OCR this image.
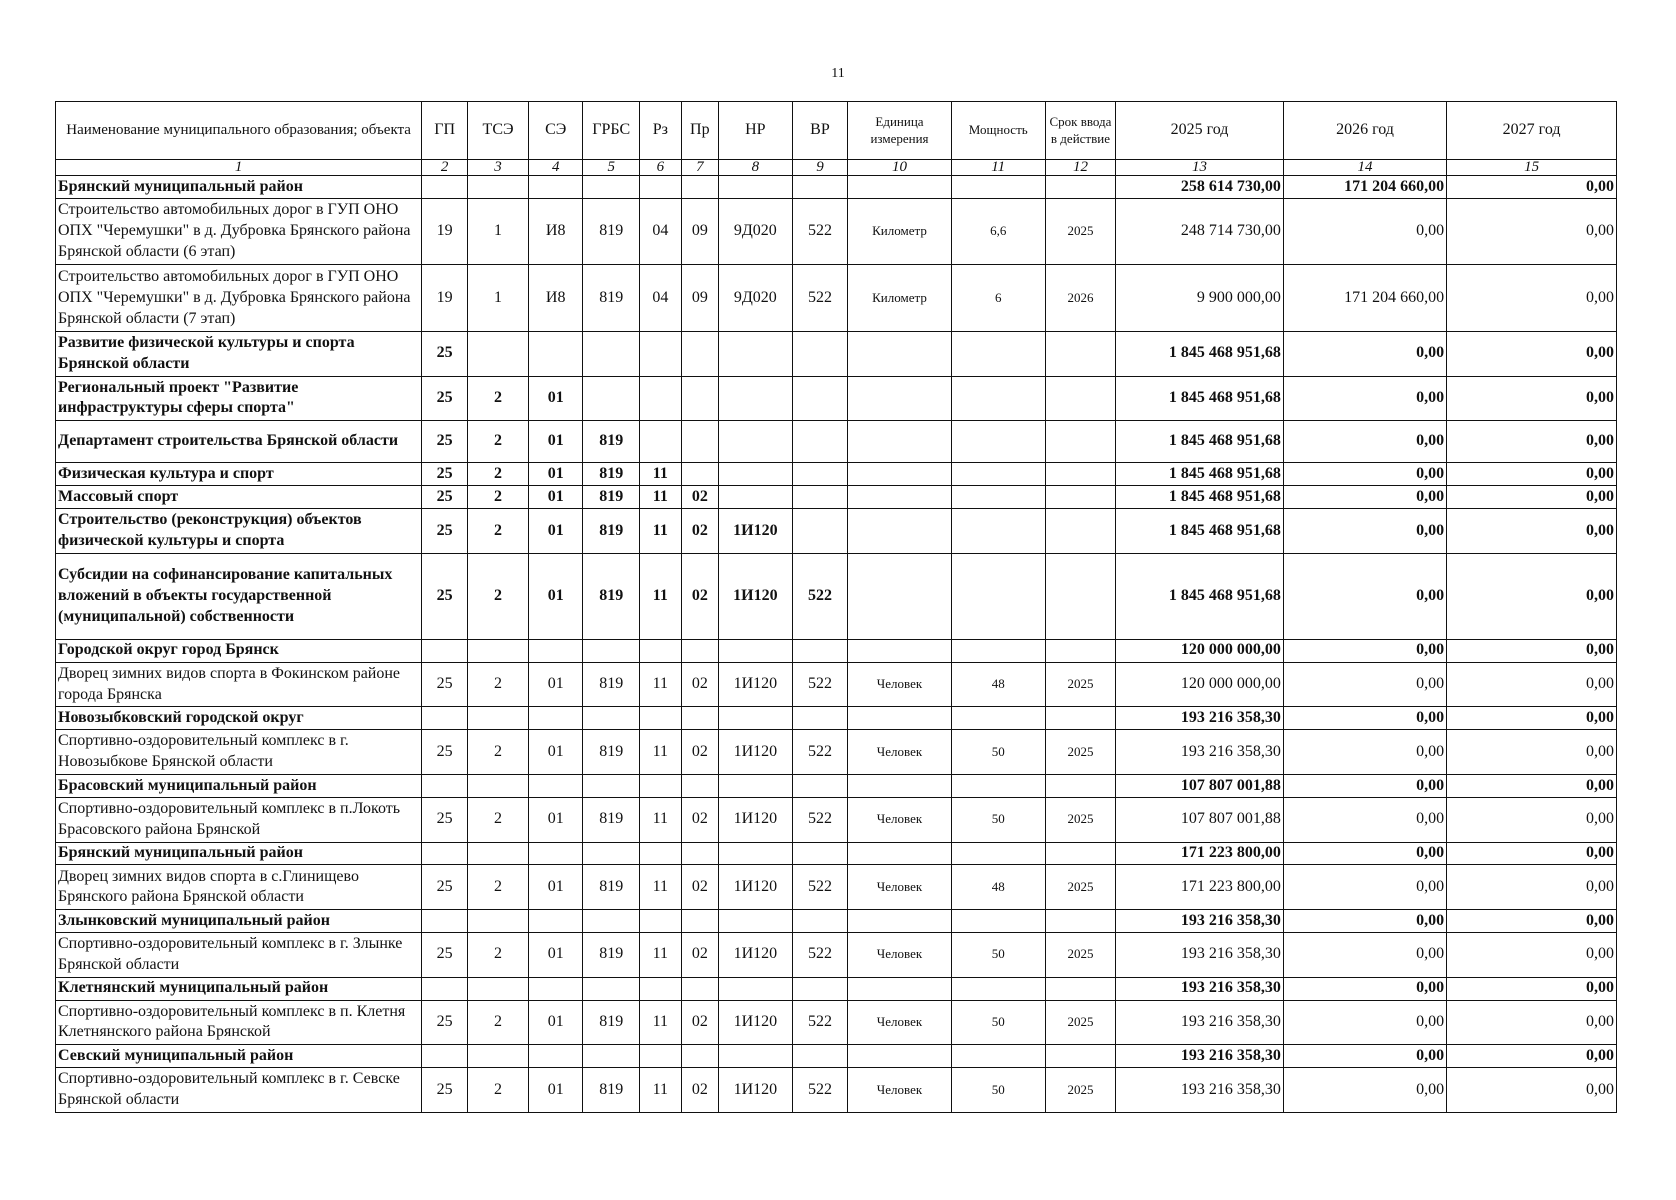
11
Наименование муниципального образования; объекта	ГП	ТСЭ	СЭ	ГРБС	Рз	Пр	НР	ВР	Единица измерения	Мощность	Срок ввода в действие	2025 год	2026 год	2027 год
1	2	3	4	5	6	7	8	9	10	11	12	13	14	15
Брянский муниципальный район												258 614 730,00	171 204 660,00	0,00
Строительство автомобильных дорог в ГУП ОНО ОПХ "Черемушки" в д. Дубровка Брянского района Брянской области (6 этап)	19	1	И8	819	04	09	9Д020	522	Километр	6,6	2025	248 714 730,00	0,00	0,00
Строительство автомобильных дорог в ГУП ОНО ОПХ "Черемушки" в д. Дубровка Брянского района Брянской области (7 этап)	19	1	И8	819	04	09	9Д020	522	Километр	6	2026	9 900 000,00	171 204 660,00	0,00
Развитие физической культуры и спорта Брянской области	25											1 845 468 951,68	0,00	0,00
Региональный проект "Развитие инфраструктуры сферы спорта"	25	2	01									1 845 468 951,68	0,00	0,00
Департамент строительства Брянской области	25	2	01	819								1 845 468 951,68	0,00	0,00
Физическая культура и спорт	25	2	01	819	11							1 845 468 951,68	0,00	0,00
Массовый спорт	25	2	01	819	11	02						1 845 468 951,68	0,00	0,00
Строительство (реконструкция) объектов физической культуры и спорта	25	2	01	819	11	02	1И120					1 845 468 951,68	0,00	0,00
Субсидии на софинансирование капитальных вложений в объекты государственной (муниципальной) собственности	25	2	01	819	11	02	1И120	522				1 845 468 951,68	0,00	0,00
Городской округ город Брянск												120 000 000,00	0,00	0,00
Дворец зимних видов спорта в Фокинском районе города Брянска	25	2	01	819	11	02	1И120	522	Человек	48	2025	120 000 000,00	0,00	0,00
Новозыбковский городской округ												193 216 358,30	0,00	0,00
Спортивно-оздоровительный комплекс в г. Новозыбкове Брянской области	25	2	01	819	11	02	1И120	522	Человек	50	2025	193 216 358,30	0,00	0,00
Брасовский муниципальный район												107 807 001,88	0,00	0,00
Спортивно-оздоровительный комплекс в п.Локоть Брасовского района Брянской	25	2	01	819	11	02	1И120	522	Человек	50	2025	107 807 001,88	0,00	0,00
Брянский муниципальный район												171 223 800,00	0,00	0,00
Дворец зимних видов спорта в с.Глинищево Брянского района Брянской области	25	2	01	819	11	02	1И120	522	Человек	48	2025	171 223 800,00	0,00	0,00
Злынковский муниципальный район												193 216 358,30	0,00	0,00
Спортивно-оздоровительный комплекс в г. Злынке Брянской области	25	2	01	819	11	02	1И120	522	Человек	50	2025	193 216 358,30	0,00	0,00
Клетнянский муниципальный район												193 216 358,30	0,00	0,00
Спортивно-оздоровительный комплекс в п. Клетня Клетнянского района Брянской	25	2	01	819	11	02	1И120	522	Человек	50	2025	193 216 358,30	0,00	0,00
Севский муниципальный район												193 216 358,30	0,00	0,00
Спортивно-оздоровительный комплекс в г. Севске Брянской области	25	2	01	819	11	02	1И120	522	Человек	50	2025	193 216 358,30	0,00	0,00
